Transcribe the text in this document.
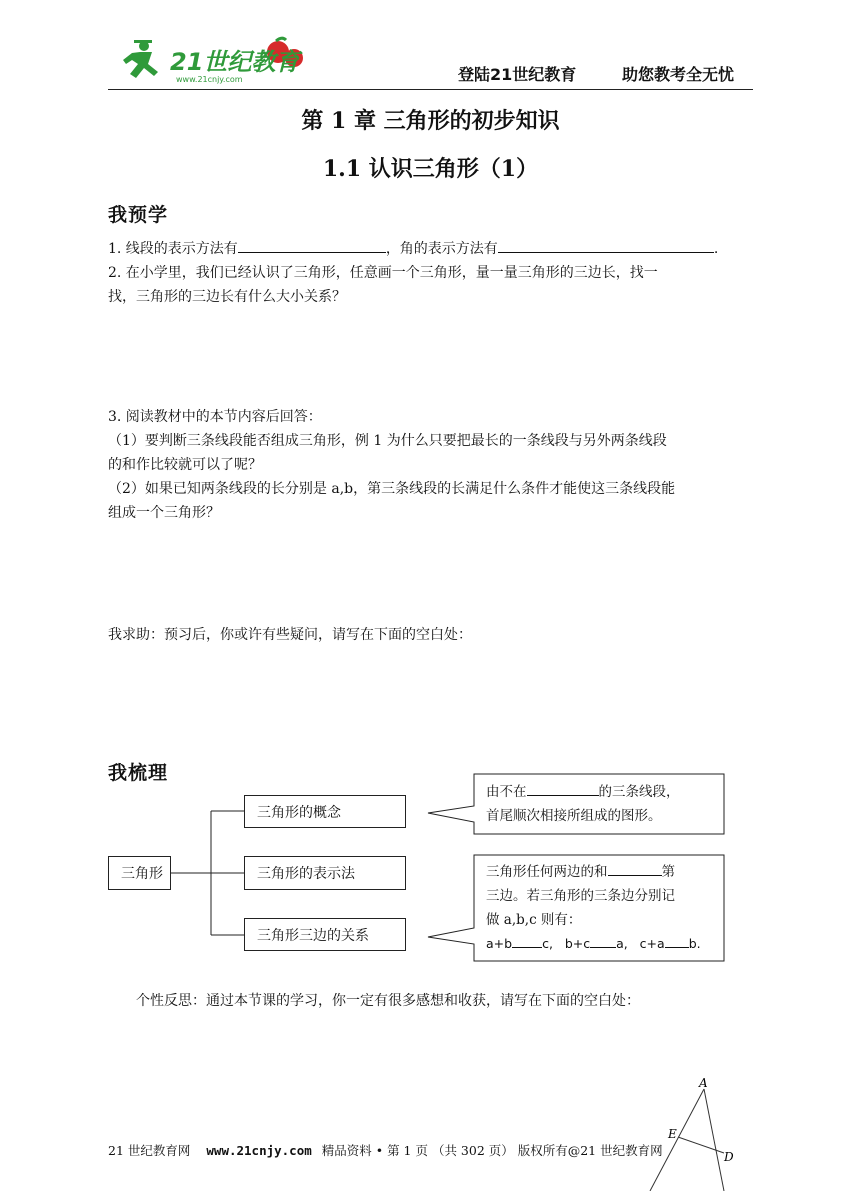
21世纪教育
www.21cnjy.com	登陆21世纪教育	助您教考全无忧
第 1 章 三角形的初步知识
1.1 认识三角形（1）
我预学
1. 线段的表示方法有	，角的表示方法有	.
2. 在小学里，我们已经认识了三角形，任意画一个三角形，量一量三角形的三边长，找一
找，三角形的三边长有什么大小关系？
3. 阅读教材中的本节内容后回答：
（1）要判断三条线段能否组成三角形，例 1 为什么只要把最长的一条线段与另外两条线段
的和作比较就可以了呢？
（2）如果已知两条线段的长分别是 a,b，第三条线段的长满足什么条件才能使这三条线段能
组成一个三角形？
我求助：预习后，你或许有些疑问，请写在下面的空白处：
我梳理
三角形
三角形的概念
三角形的表示法
三角形三边的关系
由不在	的三条线段，
首尾顺次相接所组成的图形。
三角形任何两边的和	第
三边。若三角形的三条边分别记
做 a,b,c 则有：
a+b c,   b+c a,   c+a b.
个性反思：通过本节课的学习，你一定有很多感想和收获，请写在下面的空白处：
A
E
D
21 世纪教育网 www.21cnjy.com 精品资料 • 第 1 页 （共 302 页） 版权所有@21 世纪教育网
